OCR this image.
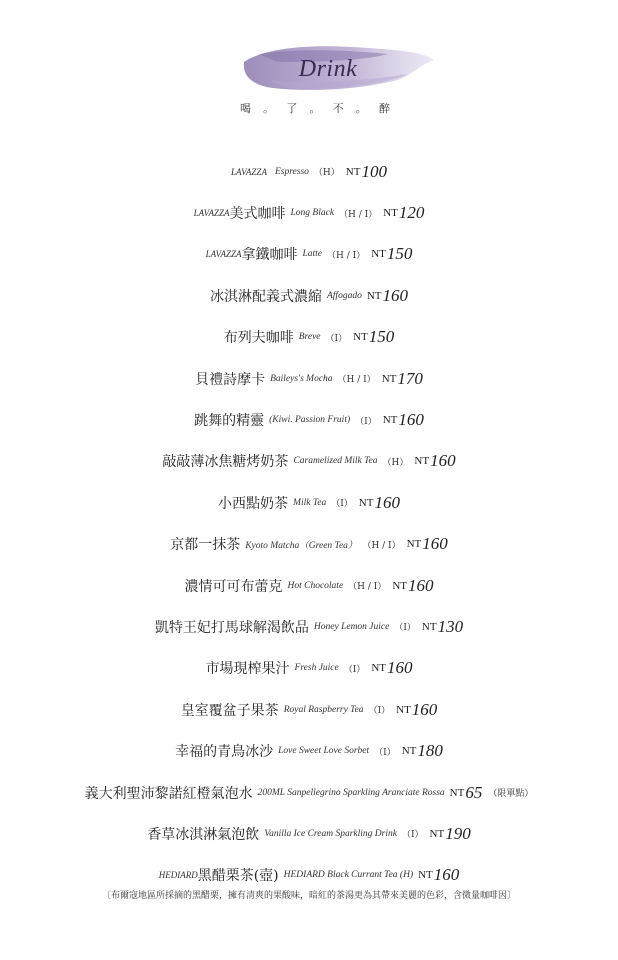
Drink
喝 。 了 。 不 。 醉
LAVAZZA Espresso （H） NT 100
LAVAZZA 美式咖啡 Long Black （H / I） NT 120
LAVAZZA 拿鐵咖啡 Latte （H / I） NT 150
冰淇淋配義式濃縮 Affogado NT 160
布列夫咖啡 Breve （I） NT 150
貝禮詩摩卡 Baileys's Mocha （H / I） NT 170
跳舞的精靈 (Kiwi. Passion Fruit) （I） NT 160
敲敲薄冰焦糖烤奶茶 Caramelized Milk Tea （H） NT 160
小西點奶茶 Milk Tea （I） NT 160
京都一抹茶 Kyoto Matcha（Green Tea） （H / I） NT 160
濃情可可布蕾克 Hot Chocolate （H / I） NT 160
凱特王妃打馬球解渴飲品 Honey Lemon Juice （I） NT 130
市場現榨果汁 Fresh Juice （I） NT 160
皇室覆盆子果茶 Royal Raspberry Tea （I） NT 160
幸福的青鳥冰沙 Love Sweet Love Sorbet （I） NT 180
義大利聖沛黎諾紅橙氣泡水 200ML Sanpellegrino Sparkling Aranciate Rossa NT 65 （限單點）
香草冰淇淋氣泡飲 Vanilla Ice Cream Sparkling Drink （I） NT 190
HEDIARD 黑醋栗茶(壺) HEDIARD Black Currant Tea (H) NT 160
〔布爾寇地區所採摘的黑醋栗，擁有清爽的果酸味，暗紅的茶湯更為其帶來美麗的色彩，含微量咖啡因〕
